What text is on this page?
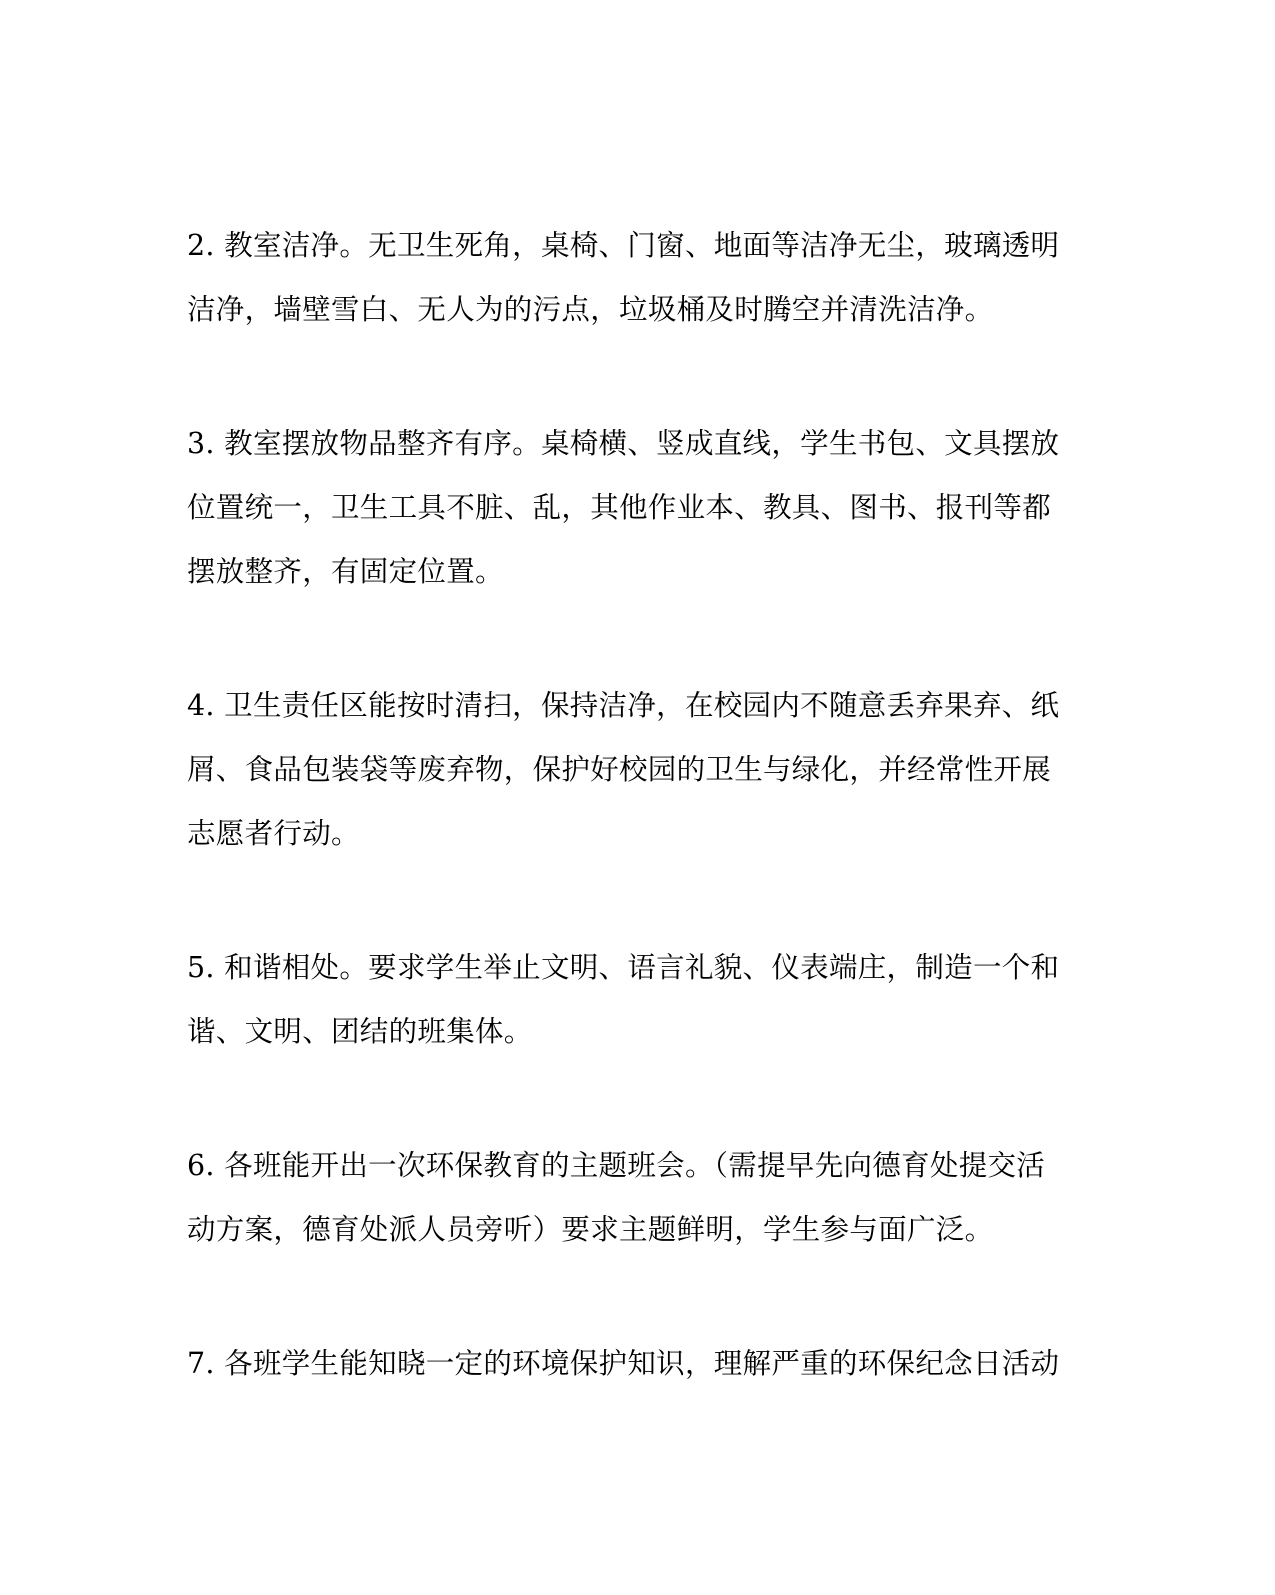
2. 教室洁净。无卫生死角，桌椅、门窗、地面等洁净无尘，玻璃透明
洁净，墙壁雪白、无人为的污点，垃圾桶及时腾空并清洗洁净。

3. 教室摆放物品整齐有序。桌椅横、竖成直线，学生书包、文具摆放
位置统一，卫生工具不脏、乱，其他作业本、教具、图书、报刊等都
摆放整齐，有固定位置。

4. 卫生责任区能按时清扫，保持洁净，在校园内不随意丢弃果弃、纸
屑、食品包装袋等废弃物，保护好校园的卫生与绿化，并经常性开展
志愿者行动。

5. 和谐相处。要求学生举止文明、语言礼貌、仪表端庄，制造一个和
谐、文明、团结的班集体。

6. 各班能开出一次环保教育的主题班会。（需提早先向德育处提交活
动方案，德育处派人员旁听）要求主题鲜明，学生参与面广泛。

7. 各班学生能知晓一定的环境保护知识，理解严重的环保纪念日活动
